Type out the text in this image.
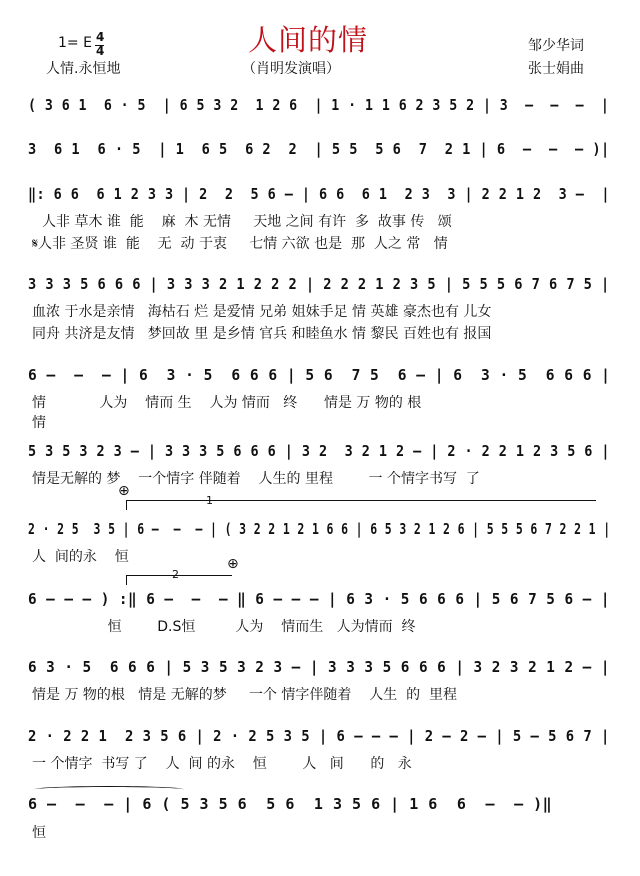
人间的情
1= E 4
4
人情.永恒地	（肖明发演唱）
邹少华词
张士娟曲
( 3 6 1  6 · 5  | 6 5 3 2  1 2 6  | 1 · 1 1 6 2 3 5 2 | 3  –  –  –  |
3  6 1  6 · 5  | 1  6 5  6 2  2  | 5 5  5 6  7  2 1 | 6  –  –  – )|
‖: 6 6  6 1 2 3 3 | 2  2  5 6 – | 6 6  6 1  2 3  3 | 2 2 1 2  3 –  |
人非 草木 谁  能    麻  木 无情     天地 之间 有许  多  故事 传   颂
𝄋人非 圣贤 谁  能    无  动 于衷     七情 六欲 也是  那  人之 常   情
3 3 3 5 6 6 6 | 3 3 3 2 1 2 2 2 | 2 2 2 1 2 3 5 | 5 5 5 6 7 6 7 5 |
血浓 于水是亲情   海枯石 烂 是爱情 兄弟 姐妹手足 情 英雄 豪杰也有 儿女
同舟 共济是友情   梦回故 里 是乡情 官兵 和睦鱼水 情 黎民 百姓也有 报国
6 –  –  – | 6  3 · 5  6 6 6 | 5 6  7 5  6 – | 6  3 · 5  6 6 6 |
情            人为    情而 生    人为 情而   终      情是 万 物的 根
情
5 3 5 3 2 3 – | 3 3 3 5 6 6 6 | 3 2  3 2 1 2 – | 2 · 2 2 1 2 3 5 6 |
情是无解的 梦    一个情字 伴随着    人生的 里程        一 个情字书写  了
⊕
1
2 · 2 5  3 5 | 6 –  –  – | ( 3 2 2 1 2 1 6 6 | 6 5 3 2 1 2 6 | 5 5 5 6 7 2 2 1 |
人  间的永    恒
2
⊕
6 – – – ) :‖ 6 –  –  – ‖ 6 – – – | 6 3 · 5 6 6 6 | 5 6 7 5 6 – |
恒        D.S恒         人为    情而生   人为情而  终
6 3 · 5  6 6 6 | 5 3 5 3 2 3 – | 3 3 3 5 6 6 6 | 3 2 3 2 1 2 – |
情是 万 物的根   情是 无解的梦     一个 情字伴随着    人生  的  里程
2 · 2 2 1  2 3 5 6 | 2 · 2 5 3 5 | 6 – – – | 2 – 2 – | 5 – 5 6 7 |
一 个情字  书写 了    人  间 的永    恒        人   间      的   永
6 –  –  – | 6 ( 5 3 5 6  5 6  1 3 5 6 | 1 6  6  –  – )‖
恒
